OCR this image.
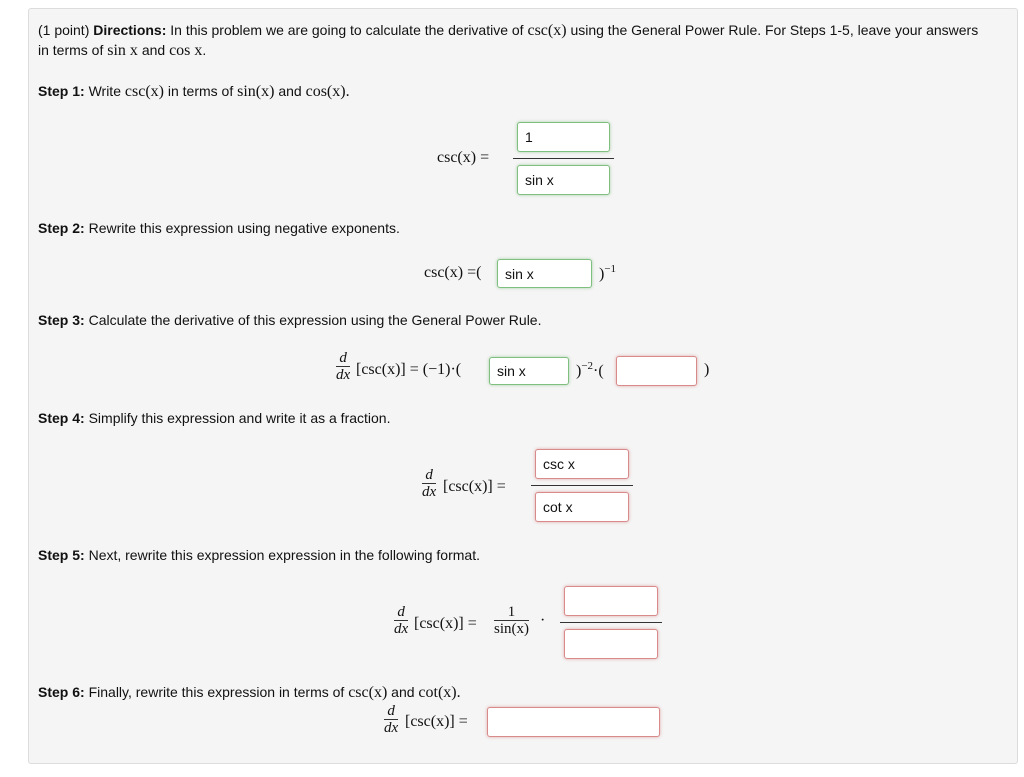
(1 point) Directions: In this problem we are going to calculate the derivative of csc(x) using the General Power Rule. For Steps 1-5, leave your answers
in terms of sin x and cos x.
Step 1: Write csc(x) in terms of sin(x) and cos(x).
csc(x) =
1
sin x
Step 2: Rewrite this expression using negative exponents.
csc(x) =(	sin x	)$^{-1}$
Step 3: Calculate the derivative of this expression using the General Power Rule.
$\frac{d}{dx} [\csc(x)] = (-1)\cdot$(	sin x	)$^{-2}$·(	)
Step 4: Simplify this expression and write it as a fraction.
$\frac{d}{dx} [\csc(x)]$ =
csc x
cot x
Step 5: Next, rewrite this expression expression in the following format.
$\frac{d}{dx} [\csc(x)] = \frac{1}{\sin(x)}$ ·
Step 6: Finally, rewrite this expression in terms of csc(x) and cot(x).
$\frac{d}{dx} [\csc(x)]$ =
